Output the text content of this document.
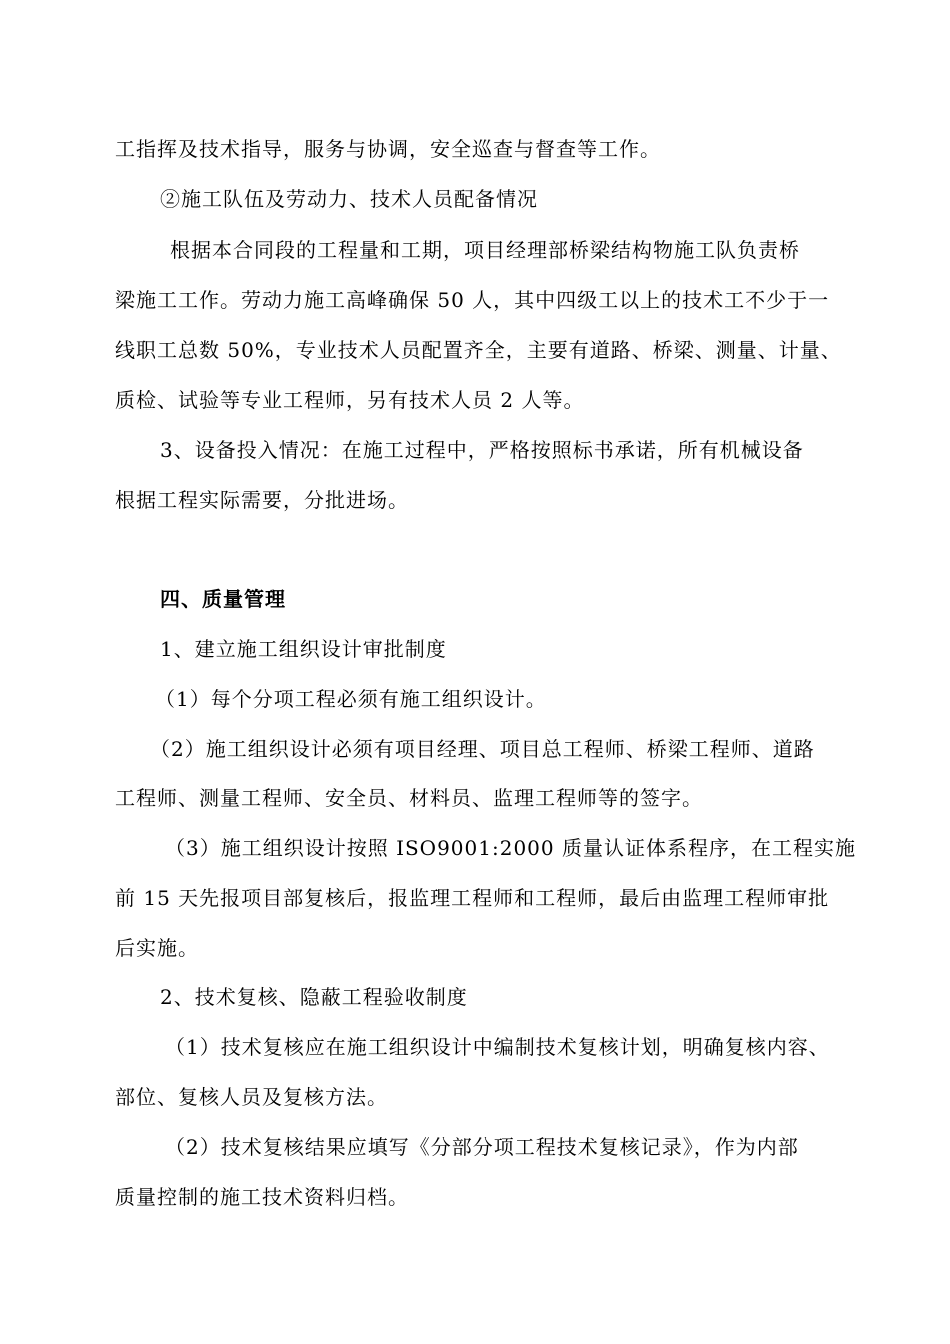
工指挥及技术指导，服务与协调，安全巡查与督查等工作。
②施工队伍及劳动力、技术人员配备情况
根据本合同段的工程量和工期，项目经理部桥梁结构物施工队负责桥
梁施工工作。劳动力施工高峰确保 50 人，其中四级工以上的技术工不少于一
线职工总数 50%，专业技术人员配置齐全，主要有道路、桥梁、测量、计量、
质检、试验等专业工程师，另有技术人员 2 人等。
3、设备投入情况：在施工过程中，严格按照标书承诺，所有机械设备
根据工程实际需要，分批进场。
四、质量管理
1、建立施工组织设计审批制度
（1）每个分项工程必须有施工组织设计。
（2）施工组织设计必须有项目经理、项目总工程师、桥梁工程师、道路
工程师、测量工程师、安全员、材料员、监理工程师等的签字。
（3）施工组织设计按照 ISO9001:2000 质量认证体系程序，在工程实施
前 15 天先报项目部复核后，报监理工程师和工程师，最后由监理工程师审批
后实施。
2、技术复核、隐蔽工程验收制度
（1）技术复核应在施工组织设计中编制技术复核计划，明确复核内容、
部位、复核人员及复核方法。
（2）技术复核结果应填写《分部分项工程技术复核记录》，作为内部
质量控制的施工技术资料归档。
